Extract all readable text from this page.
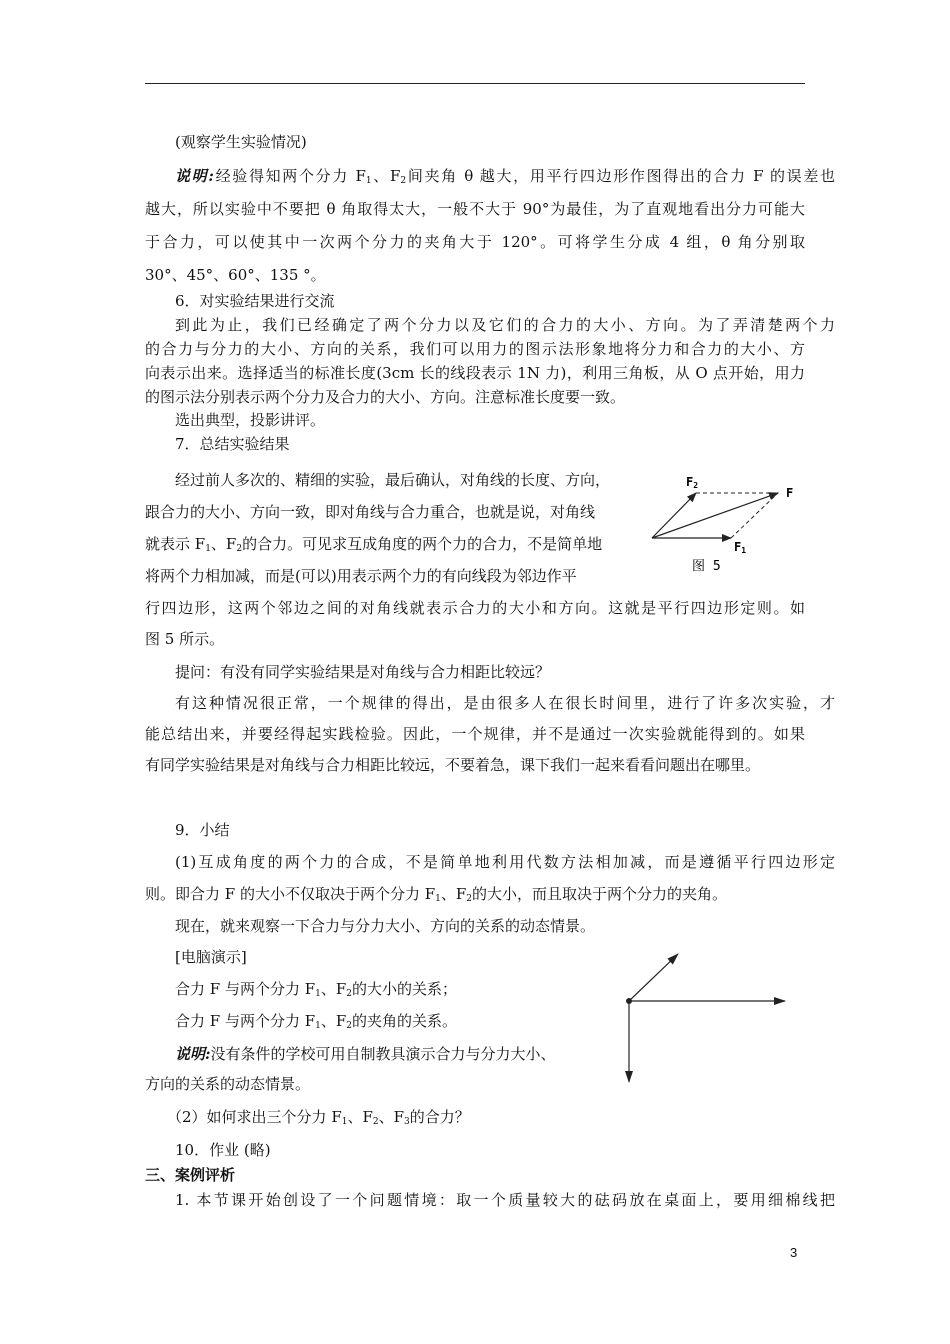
(观察学生实验情况)
说明:经验得知两个分力 $F_1$、$F_2$间夹角 θ 越大，用平行四边形作图得出的合力 F 的误差也
越大，所以实验中不要把 θ 角取得太大，一般不大于 90°为最佳，为了直观地看出分力可能大
于合力，可以使其中一次两个分力的夹角大于 120°。可将学生分成 4 组，θ 角分别取
30°、45°、60°、135 °。
6．对实验结果进行交流
到此为止，我们已经确定了两个分力以及它们的合力的大小、方向。为了弄清楚两个力
的合力与分力的大小、方向的关系，我们可以用力的图示法形象地将分力和合力的大小、方
向表示出来。选择适当的标准长度(3cm 长的线段表示 1N 力)，利用三角板，从 O 点开始，用力
的图示法分别表示两个分力及合力的大小、方向。注意标准长度要一致。
选出典型，投影讲评。
7．总结实验结果
经过前人多次的、精细的实验，最后确认，对角线的长度、方向，
跟合力的大小、方向一致，即对角线与合力重合，也就是说，对角线
就表示 $F_1$、$F_2$的合力。可见求互成角度的两个力的合力，不是简单地
将两个力相加减，而是(可以)用表示两个力的有向线段为邻边作平
行四边形，这两个邻边之间的对角线就表示合力的大小和方向。这就是平行四边形定则。如
图 5 所示。
F2
F
F1
图 5
提问：有没有同学实验结果是对角线与合力相距比较远？
有这种情况很正常，一个规律的得出，是由很多人在很长时间里，进行了许多次实验，才
能总结出来，并要经得起实践检验。因此，一个规律，并不是通过一次实验就能得到的。如果
有同学实验结果是对角线与合力相距比较远，不要着急，课下我们一起来看看问题出在哪里。
9．小结
(1)互成角度的两个力的合成，不是简单地利用代数方法相加减，而是遵循平行四边形定
则。即合力 F 的大小不仅取决于两个分力 $F_1$、$F_2$的大小，而且取决于两个分力的夹角。
现在，就来观察一下合力与分力大小、方向的关系的动态情景。
[电脑演示]
合力 F 与两个分力 $F_1$、$F_2$的大小的关系；
合力 F 与两个分力 $F_1$、$F_2$的夹角的关系。
说明:没有条件的学校可用自制教具演示合力与分力大小、
方向的关系的动态情景。
（2）如何求出三个分力 $F_1$、$F_2$、$F_3$的合力？
10．作业 (略)
三、案例评析
1. 本节课开始创设了一个问题情境：取一个质量较大的砝码放在桌面上，要用细棉线把
3
